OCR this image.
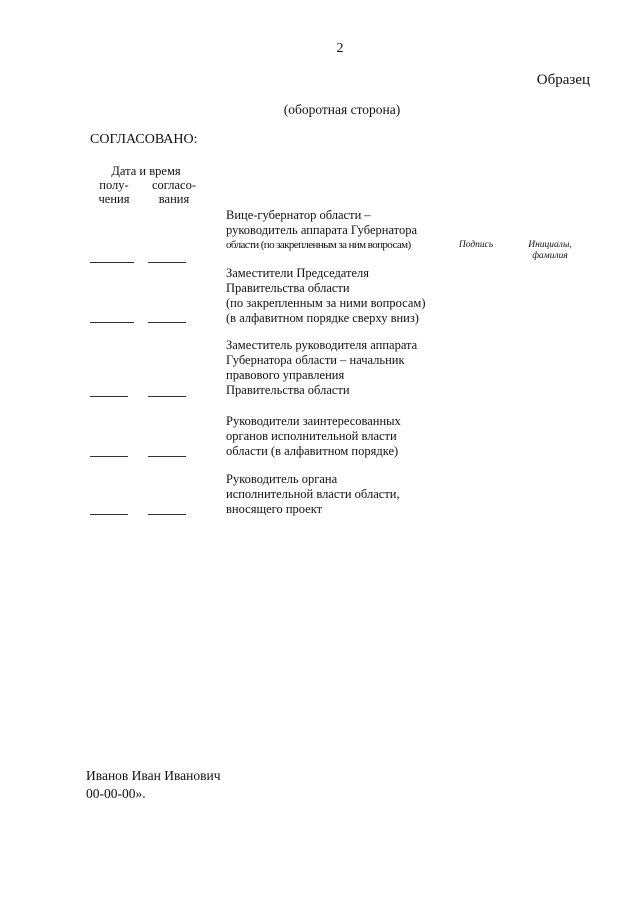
2
Образец
(оборотная сторона)
СОГЛАСОВАНО:
Дата и время
полу-
чения
согласо-
вания
Вице-губернатор области –
руководитель аппарата Губернатора
области (по закрепленным за ним вопросам)	Подпись	Инициалы,
фамилия
Заместители Председателя
Правительства области
(по закрепленным за ними вопросам)
(в алфавитном порядке сверху вниз)
Заместитель руководителя аппарата
Губернатора области – начальник
правового управления
Правительства области
Руководители заинтересованных
органов исполнительной власти
области (в алфавитном порядке)
Руководитель органа
исполнительной власти области,
вносящего проект
Иванов Иван Иванович
00-00-00».
